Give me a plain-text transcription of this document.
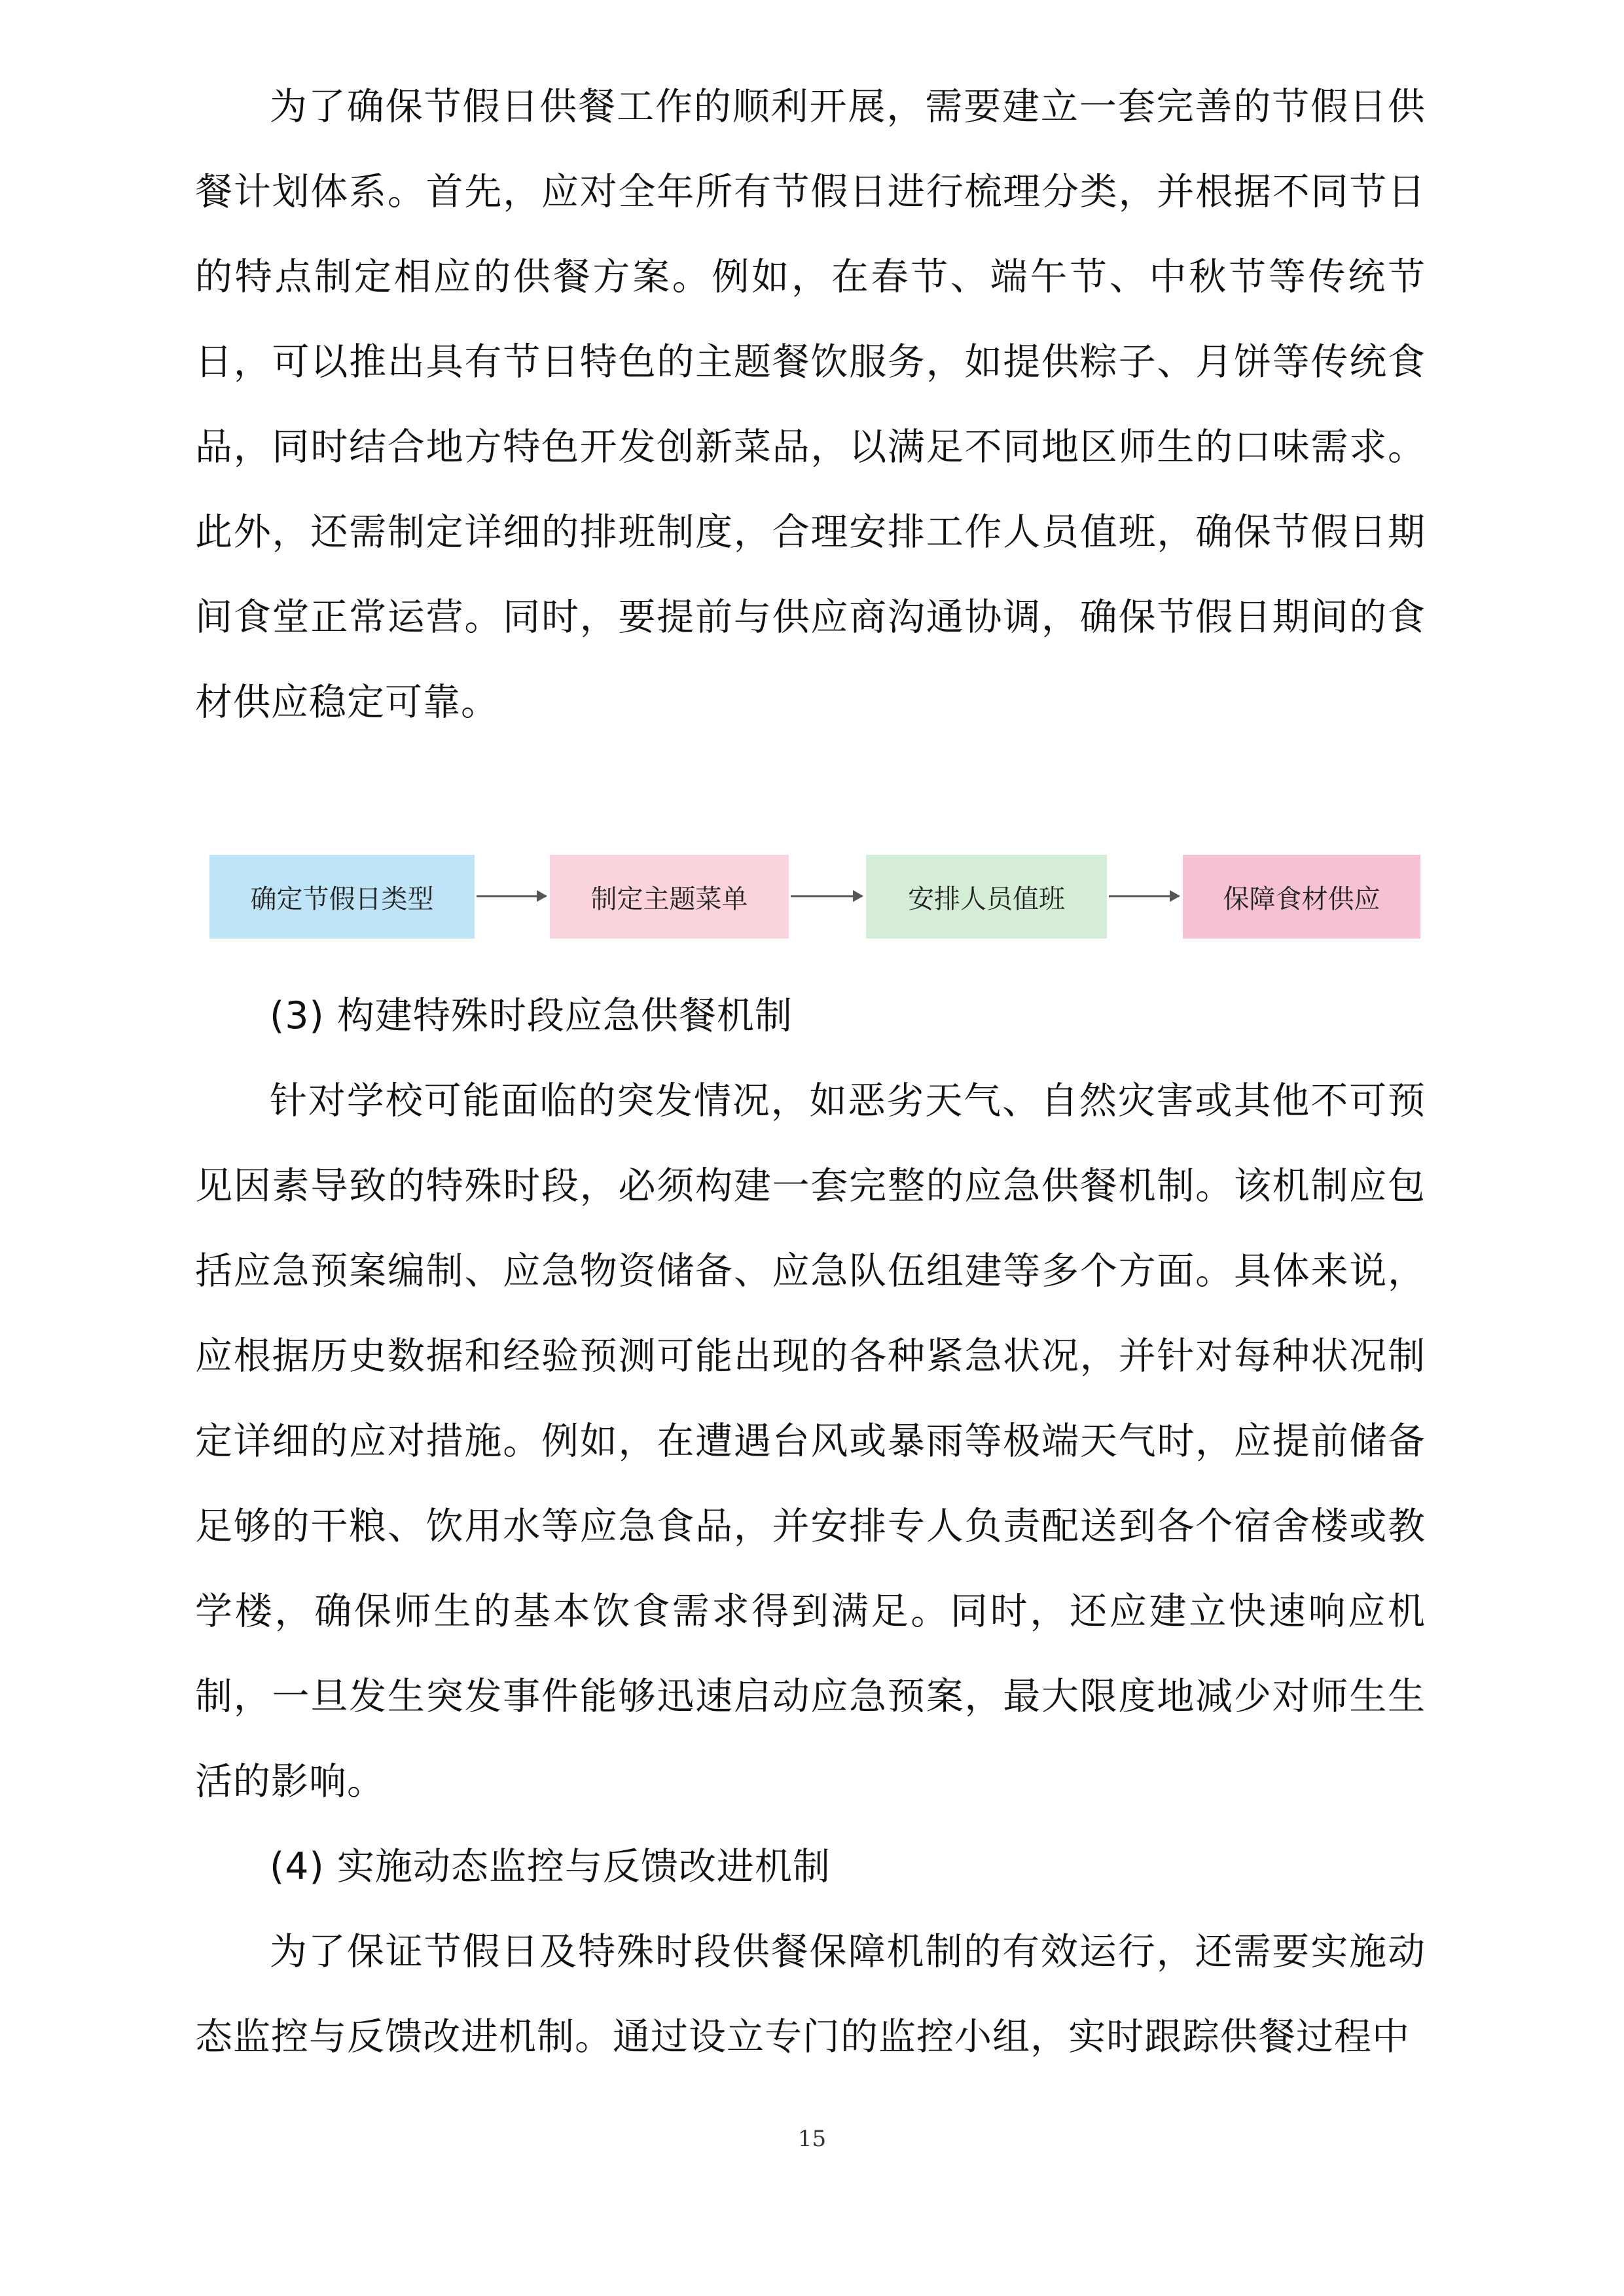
为了确保节假日供餐工作的顺利开展，需要建立一套完善的节假日供餐计划体系。首先，应对全年所有节假日进行梳理分类，并根据不同节日的特点制定相应的供餐方案。例如，在春节、端午节、中秋节等传统节日，可以推出具有节日特色的主题餐饮服务，如提供粽子、月饼等传统食品，同时结合地方特色开发创新菜品，以满足不同地区师生的口味需求。此外，还需制定详细的排班制度，合理安排工作人员值班，确保节假日期间食堂正常运营。同时，要提前与供应商沟通协调，确保节假日期间的食材供应稳定可靠。

确定节假日类型	制定主题菜单	安排人员值班	保障食材供应

(3) 构建特殊时段应急供餐机制

针对学校可能面临的突发情况，如恶劣天气、自然灾害或其他不可预见因素导致的特殊时段，必须构建一套完整的应急供餐机制。该机制应包括应急预案编制、应急物资储备、应急队伍组建等多个方面。具体来说，应根据历史数据和经验预测可能出现的各种紧急状况，并针对每种状况制定详细的应对措施。例如，在遭遇台风或暴雨等极端天气时，应提前储备足够的干粮、饮用水等应急食品，并安排专人负责配送到各个宿舍楼或教学楼，确保师生的基本饮食需求得到满足。同时，还应建立快速响应机制，一旦发生突发事件能够迅速启动应急预案，最大限度地减少对师生生活的影响。

(4) 实施动态监控与反馈改进机制

为了保证节假日及特殊时段供餐保障机制的有效运行，还需要实施动态监控与反馈改进机制。通过设立专门的监控小组，实时跟踪供餐过程中

15
